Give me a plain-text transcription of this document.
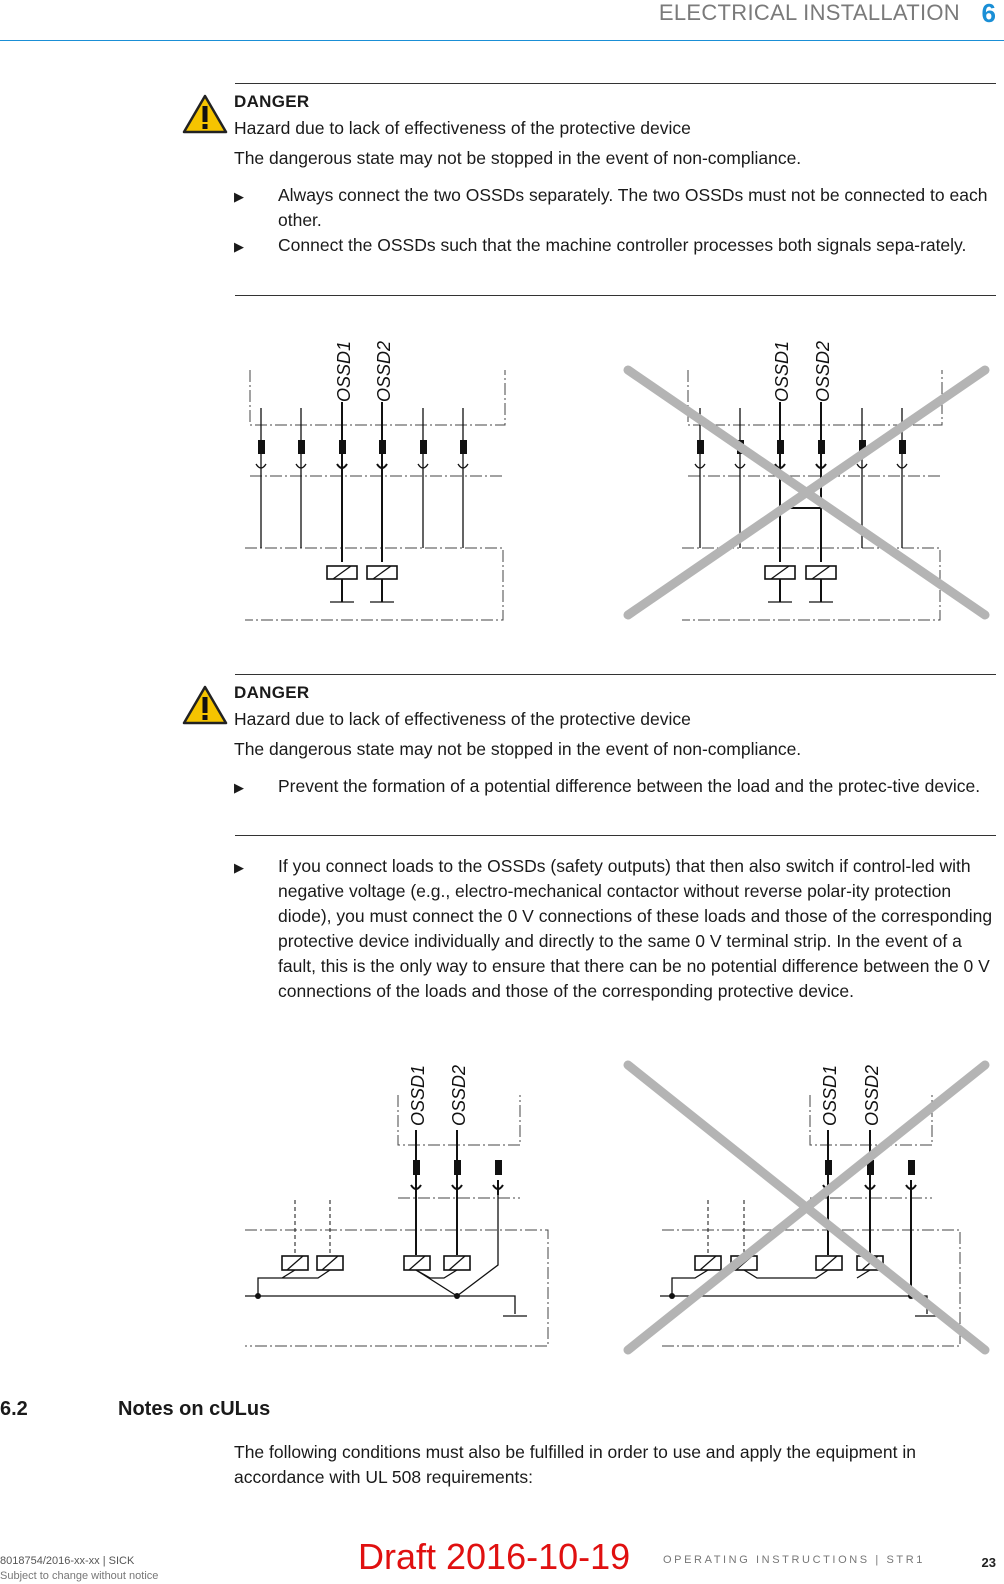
ELECTRICAL INSTALLATION 6
DANGER
Hazard due to lack of effectiveness of the protective device
The dangerous state may not be stopped in the event of non-compliance.
▶ Always connect the two OSSDs separately. The two OSSDs must not be connected to each other.

▶ Connect the OSSDs such that the machine controller processes both signals sepa-rately.

OSSD1 OSSD2	OSSD1 OSSD2
DANGER
Hazard due to lack of effectiveness of the protective device
The dangerous state may not be stopped in the event of non-compliance.
▶ Prevent the formation of a potential difference between the load and the protec-tive device.

▶ If you connect loads to the OSSDs (safety outputs) that then also switch if control-led with negative voltage (e.g., electro-mechanical contactor without reverse polar-ity protection diode), you must connect the 0 V connections of these loads and those of the corresponding protective device individually and directly to the same 0 V terminal strip. In the event of a fault, this is the only way to ensure that there can be no potential difference between the 0 V connections of the loads and those of the corresponding protective device.

OSSD1 OSSD2	OSSD1 OSSD2
6.2	Notes on cULus

The following conditions must also be fulfilled in order to use and apply the equipment in accordance with UL 508 requirements:

8018754/2016-xx-xx | SICK
Subject to change without notice
OPERATING INSTRUCTIONS | STR1	23
Draft 2016-10-19
